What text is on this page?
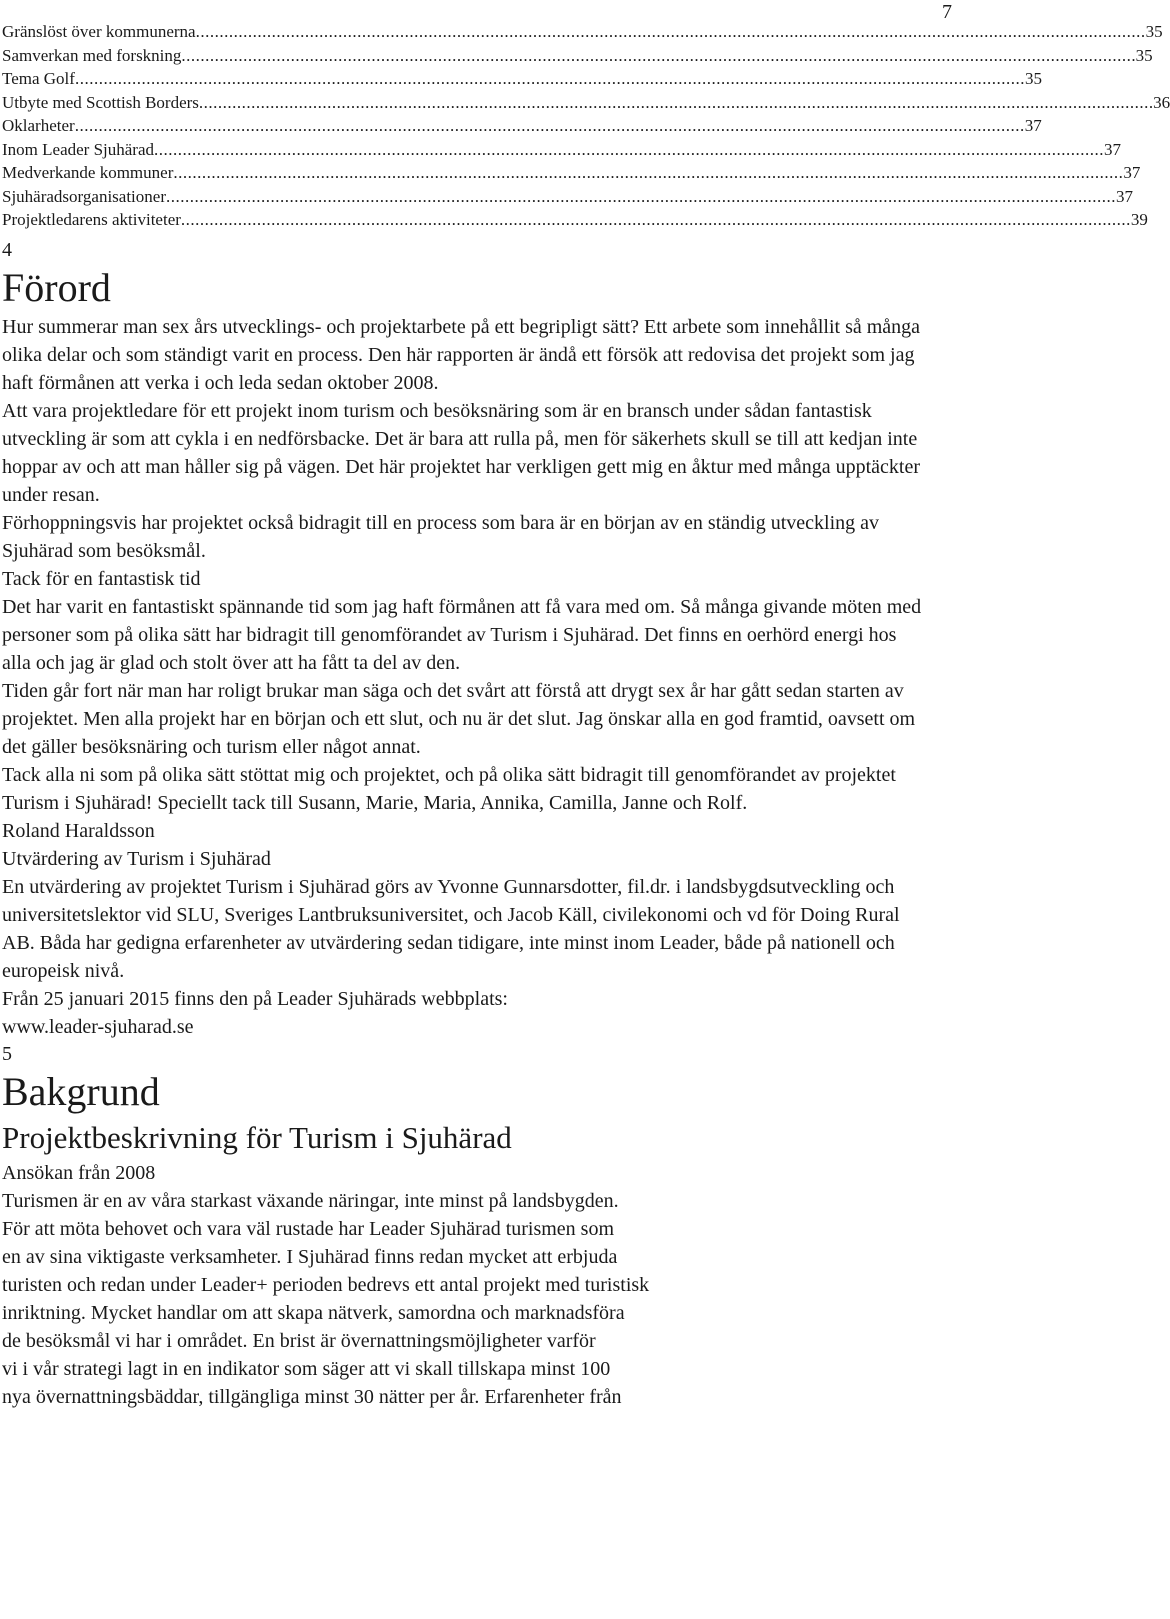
7
Gränslöst över kommunerna ........................................................................................................................................................................................................ 35
Samverkan med forskning ........................................................................................................................................................................................................ .35
Tema Golf ........................................................................................................................................................................................................ 35
Utbyte med Scottish Borders ........................................................................................................................................................................................................ .36
Oklarheter ........................................................................................................................................................................................................ 37
Inom Leader Sjuhärad ........................................................................................................................................................................................................ 37
Medverkande kommuner ........................................................................................................................................................................................................ 37
Sjuhäradsorganisationer ........................................................................................................................................................................................................ 37
Projektledarens aktiviteter ........................................................................................................................................................................................................ 39
4
Förord
Hur summerar man sex års utvecklings- och projektarbete på ett begripligt sätt? Ett arbete som innehållit så många olika delar och som ständigt varit en process. Den här rapporten är ändå ett försök att redovisa det projekt som jag haft förmånen att verka i och leda sedan oktober 2008.
Att vara projektledare för ett projekt inom turism och besöksnäring som är en bransch under sådan fantastisk utveckling är som att cykla i en nedförsbacke. Det är bara att rulla på, men för säkerhets skull se till att kedjan inte hoppar av och att man håller sig på vägen. Det här projektet har verkligen gett mig en åktur med många upptäckter under resan.
Förhoppningsvis har projektet också bidragit till en process som bara är en början av en ständig utveckling av Sjuhärad som besöksmål.
Tack för en fantastisk tid
Det har varit en fantastiskt spännande tid som jag haft förmånen att få vara med om. Så många givande möten med personer som på olika sätt har bidragit till genomförandet av Turism i Sjuhärad. Det finns en oerhörd energi hos alla och jag är glad och stolt över att ha fått ta del av den.
Tiden går fort när man har roligt brukar man säga och det svårt att förstå att drygt sex år har gått sedan starten av projektet. Men alla projekt har en början och ett slut, och nu är det slut. Jag önskar alla en god framtid, oavsett om det gäller besöksnäring och turism eller något annat.
Tack alla ni som på olika sätt stöttat mig och projektet, och på olika sätt bidragit till genomförandet av projektet Turism i Sjuhärad! Speciellt tack till Susann, Marie, Maria, Annika, Camilla, Janne och Rolf.
Roland Haraldsson
Utvärdering av Turism i Sjuhärad
En utvärdering av projektet Turism i Sjuhärad görs av Yvonne Gunnarsdotter, fil.dr. i landsbygdsutveckling och universitetslektor vid SLU, Sveriges Lantbruksuniversitet, och Jacob Käll, civilekonomi och vd för Doing Rural AB. Båda har gedigna erfarenheter av utvärdering sedan tidigare, inte minst inom Leader, både på nationell och europeisk nivå.
Från 25 januari 2015 finns den på Leader Sjuhärads webbplats:
www.leader-sjuharad.se
5
Bakgrund
Projektbeskrivning för Turism i Sjuhärad
Ansökan från 2008
Turismen är en av våra starkast växande näringar, inte minst på landsbygden.
För att möta behovet och vara väl rustade har Leader Sjuhärad turismen som
en av sina viktigaste verksamheter. I Sjuhärad finns redan mycket att erbjuda
turisten och redan under Leader+ perioden bedrevs ett antal projekt med turistisk
inriktning. Mycket handlar om att skapa nätverk, samordna och marknadsföra
de besöksmål vi har i området. En brist är övernattningsmöjligheter varför
vi i vår strategi lagt in en indikator som säger att vi skall tillskapa minst 100
nya övernattningsbäddar, tillgängliga minst 30 nätter per år. Erfarenheter från
